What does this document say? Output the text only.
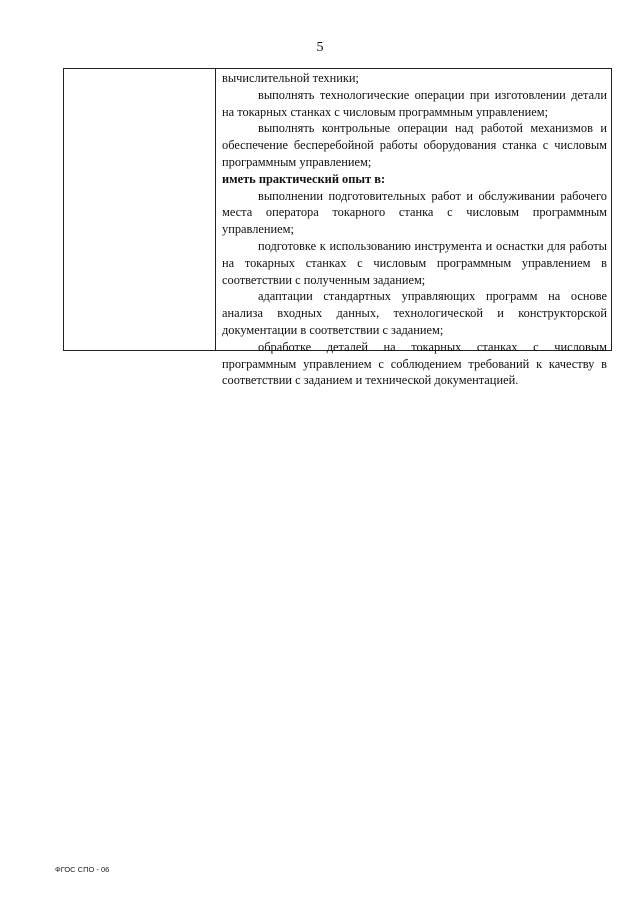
5
вычислительной техники;
выполнять технологические операции при изготовлении детали на токарных станках с числовым программным управлением;
выполнять контрольные операции над работой механизмов и обеспечение бесперебойной работы оборудования станка с числовым программным управлением;
иметь практический опыт в:
выполнении подготовительных работ и обслуживании рабочего места оператора токарного станка с числовым программным управлением;
подготовке к использованию инструмента и оснастки для работы на токарных станках с числовым программным управлением в соответствии с полученным заданием;
адаптации стандартных управляющих программ на основе анализа входных данных, технологической и конструкторской документации в соответствии с заданием;
обработке деталей на токарных станках с числовым программным управлением с соблюдением требований к качеству в соответствии с заданием и технической документацией.
ФГОС СПО - 06
